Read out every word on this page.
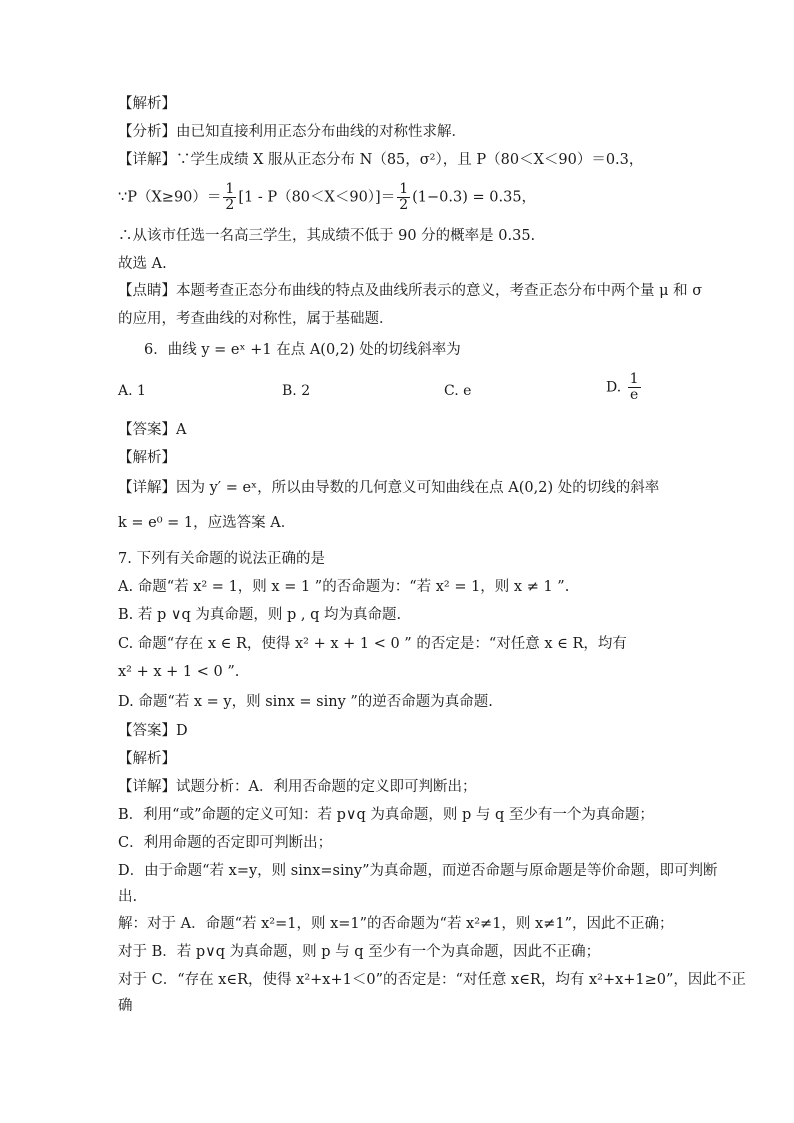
【解析】
【分析】由已知直接利用正态分布曲线的对称性求解．
【详解】∵学生成绩 X 服从正态分布 N（85，σ²），且 P（80＜X＜90）＝0.3，
∵P（X≥90）＝ $\frac{1}{2} [1 - P(80<X<90)]= \frac{1}{2} (1-0.3) = 0.35$，
∴从该市任选一名高三学生，其成绩不低于 90 分的概率是 0.35.
故选 A.
【点睛】本题考查正态分布曲线的特点及曲线所表示的意义，考查正态分布中两个量 μ 和 σ
的应用，考查曲线的对称性，属于基础题．
6．曲线 y = eˣ +1 在点 A(0,2) 处的切线斜率为
A. 1	B. 2	C. e	D. $\frac{1}{e}$
【答案】A
【解析】
【详解】因为 y′ = eˣ，所以由导数的几何意义可知曲线在点 A(0,2) 处的切线的斜率
k = e⁰ = 1，应选答案 A．
7. 下列有关命题的说法正确的是
A. 命题“若 x² = 1，则 x = 1 ”的否命题为：“若 x² = 1，则 x ≠ 1 ”.
B. 若 p ∨q 为真命题，则 p , q 均为真命题.
C. 命题“存在 x ∈ R，使得 x² + x + 1 < 0 ” 的否定是：“对任意 x ∈ R，均有
x² + x + 1 < 0 ”.
D. 命题“若 x = y，则 sinx = siny ”的逆否命题为真命题.
【答案】D
【解析】
【详解】试题分析：A．利用否命题的定义即可判断出；
B．利用“或”命题的定义可知：若 p∨q 为真命题，则 p 与 q 至少有一个为真命题；
C．利用命题的否定即可判断出；
D．由于命题“若 x=y，则 sinx=siny”为真命题，而逆否命题与原命题是等价命题，即可判断
出.
解：对于 A．命题“若 x²=1，则 x=1”的否命题为“若 x²≠1，则 x≠1”，因此不正确；
对于 B．若 p∨q 为真命题，则 p 与 q 至少有一个为真命题，因此不正确；
对于 C．“存在 x∈R，使得 x²+x+1＜0”的否定是：“对任意 x∈R，均有 x²+x+1≥0”，因此不正
确
